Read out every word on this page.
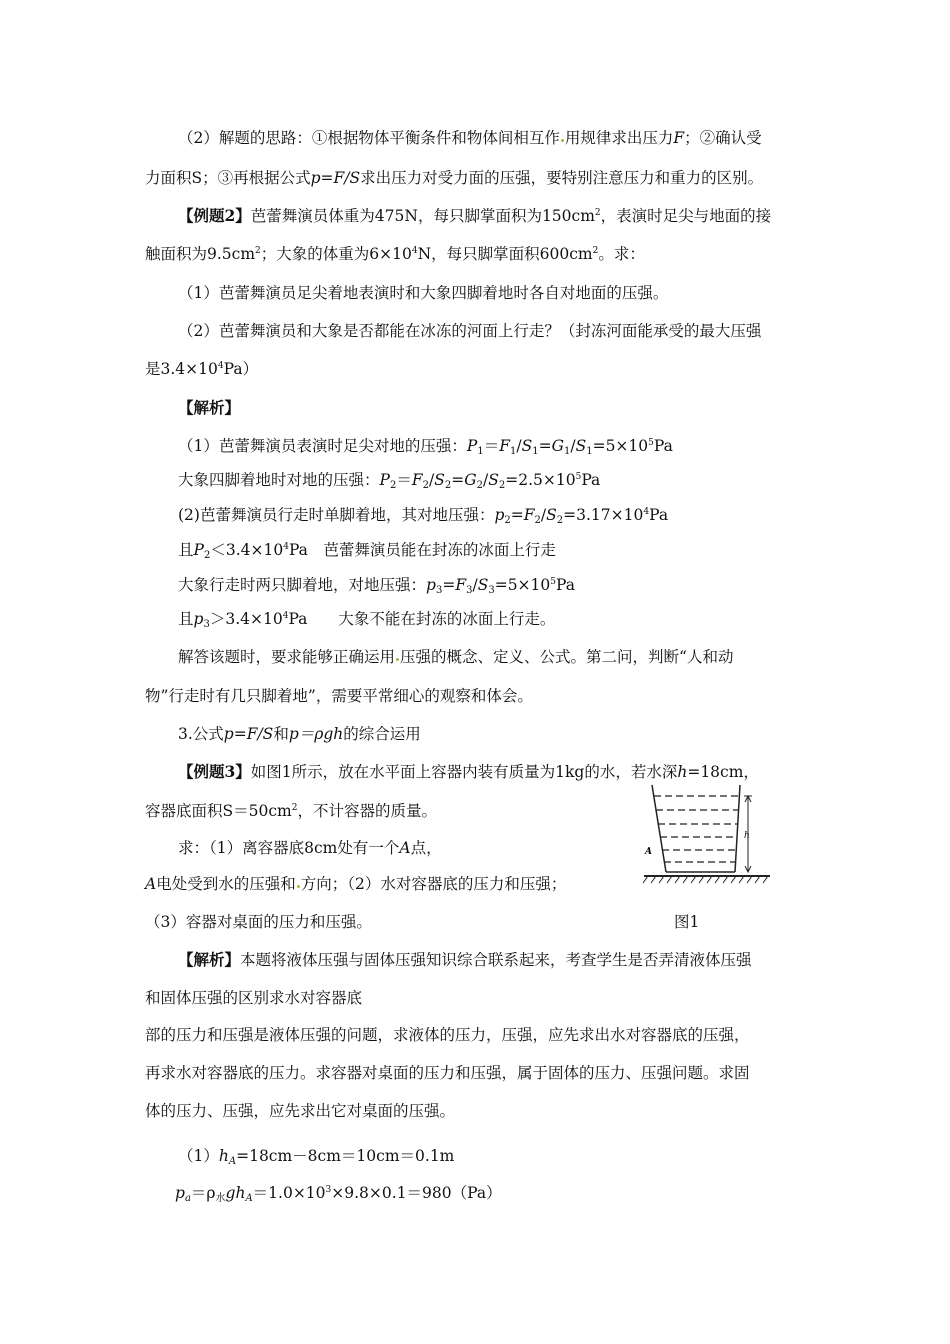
（2）解题的思路：①根据物体平衡条件和物体间相互作 用规律求出压力F；②确认受
力面积S；③再根据公式p=F/S求出压力对受力面的压强，要特别注意压力和重力的区别。
【例题2】芭蕾舞演员体重为475N，每只脚掌面积为$150cm^2$，表演时足尖与地面的接
触面积为$9.5cm^2$；大象的体重为$6\times 10^4N$，每只脚掌面积$600cm^2$。求：
（1）芭蕾舞演员足尖着地表演时和大象四脚着地时各自对地面的压强。
（2）芭蕾舞演员和大象是否都能在冰冻的河面上行走？（封冻河面能承受的最大压强
是$3.4\times 10^4Pa$）
【解析】
（1）芭蕾舞演员表演时足尖对地的压强：$P_1=F_1/S_1=G_1/S_1=5\times 10^5Pa$
大象四脚着地时对地的压强：$P_2=F_2/S_2=G_2/S_2=2.5\times 10^5Pa$
(2)芭蕾舞演员行走时单脚着地，其对地压强：$p_2=F_2/S_2=3.17\times 10^4Pa$
且$P_2<3.4\times 10^4Pa$　芭蕾舞演员能在封冻的冰面上行走
大象行走时两只脚着地，对地压强：$p_3=F_3/S_3=5\times 10^5Pa$
且$p_3>3.4\times 10^4Pa$　　大象不能在封冻的冰面上行走。
解答该题时，要求能够正确运用 压强的概念、定义、公式。第二问，判断“人和动
物”行走时有几只脚着地”，需要平常细心的观察和体会。
3.公式p=F/S和p＝ρgh的综合运用
【例题3】如图1所示，放在水平面上容器内装有质量为1kg的水，若水深h=18cm，
容器底面积$S=50cm^2$，不计容器的质量。
求：（1）离容器底8cm处有一个A点，
A电处受到水的压强和 方向；（2）水对容器底的压力和压强；
（3）容器对桌面的压力和压强。
h
A
图1
【解析】本题将液体压强与固体压强知识综合联系起来，考查学生是否弄清液体压强
和固体压强的区别求水对容器底
部的压力和压强是液体压强的问题，求液体的压力，压强，应先求出水对容器底的压强，
再求水对容器底的压力。求容器对桌面的压力和压强，属于固体的压力、压强问题。求固
体的压力、压强，应先求出它对桌面的压强。
$(1)h_A=18cm-8cm=10cm=0.1m$
$p_a=\rho_水gh_A=1.0\times 10^3\times 9.8\times 0.1=980(Pa)$
